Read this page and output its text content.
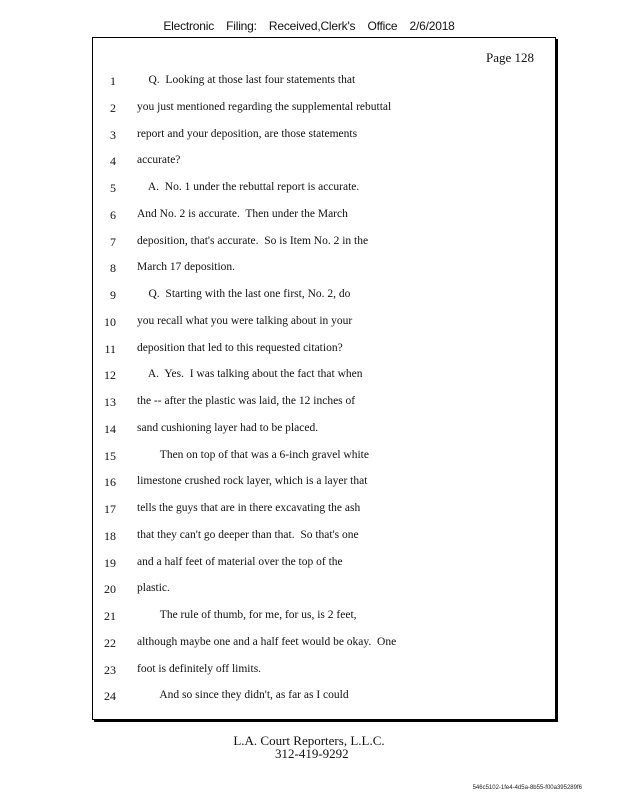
Electronic Filing: Received,Clerk's Office 2/6/2018
Page 128
1 Q.  Looking at those last four statements that
2 you just mentioned regarding the supplemental rebuttal
3 report and your deposition, are those statements
4 accurate?
5 A.  No. 1 under the rebuttal report is accurate.
6 And No. 2 is accurate.  Then under the March
7 deposition, that's accurate.  So is Item No. 2 in the
8 March 17 deposition.
9 Q.  Starting with the last one first, No. 2, do
10 you recall what you were talking about in your
11 deposition that led to this requested citation?
12 A.  Yes.  I was talking about the fact that when
13 the -- after the plastic was laid, the 12 inches of
14 sand cushioning layer had to be placed.
15 Then on top of that was a 6-inch gravel white
16 limestone crushed rock layer, which is a layer that
17 tells the guys that are in there excavating the ash
18 that they can't go deeper than that.  So that's one
19 and a half feet of material over the top of the
20 plastic.
21 The rule of thumb, for me, for us, is 2 feet,
22 although maybe one and a half feet would be okay.  One
23 foot is definitely off limits.
24 And so since they didn't, as far as I could
L.A. Court Reporters, L.L.C.
312-419-9292
546c5102-1fe4-4d5a-8b55-f00a395289f6
